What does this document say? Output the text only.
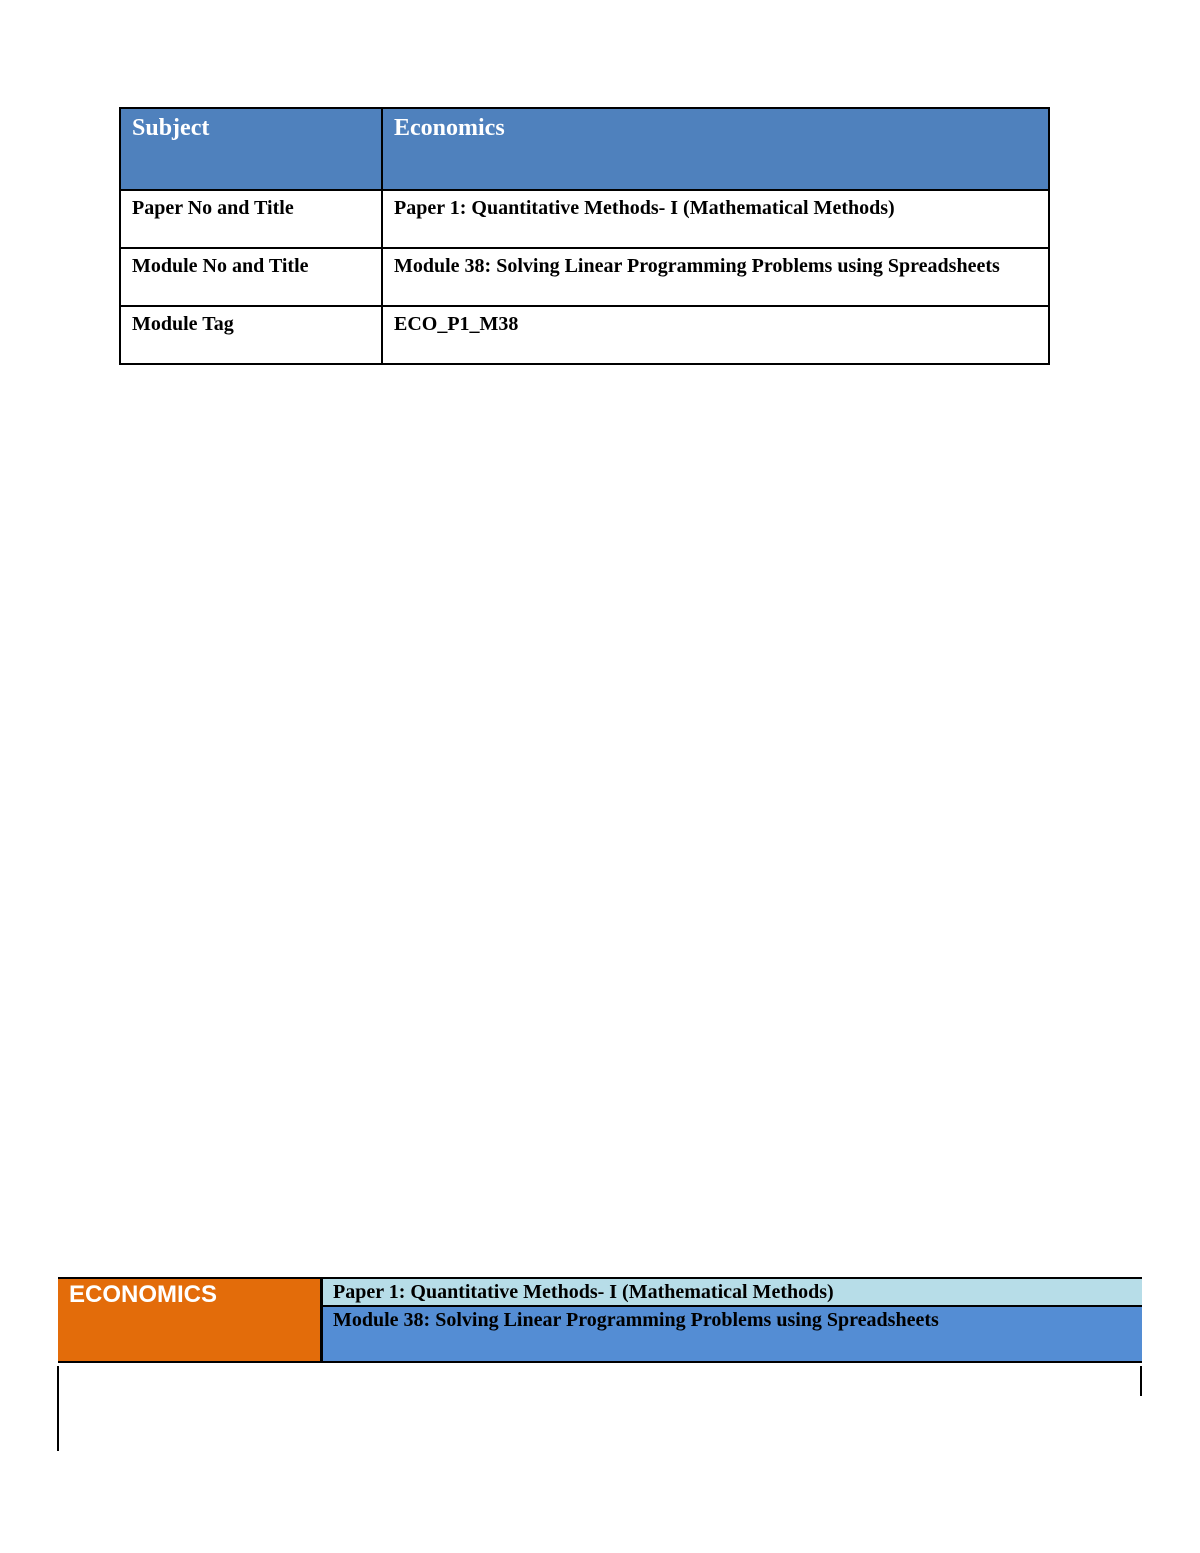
Subject	Economics
Paper No and Title	Paper 1: Quantitative Methods- I (Mathematical Methods)
Module No and Title	Module 38: Solving Linear Programming Problems using Spreadsheets
Module Tag	ECO_P1_M38
ECONOMICS	Paper 1: Quantitative Methods- I (Mathematical Methods)
Module 38: Solving Linear Programming Problems using Spreadsheets
